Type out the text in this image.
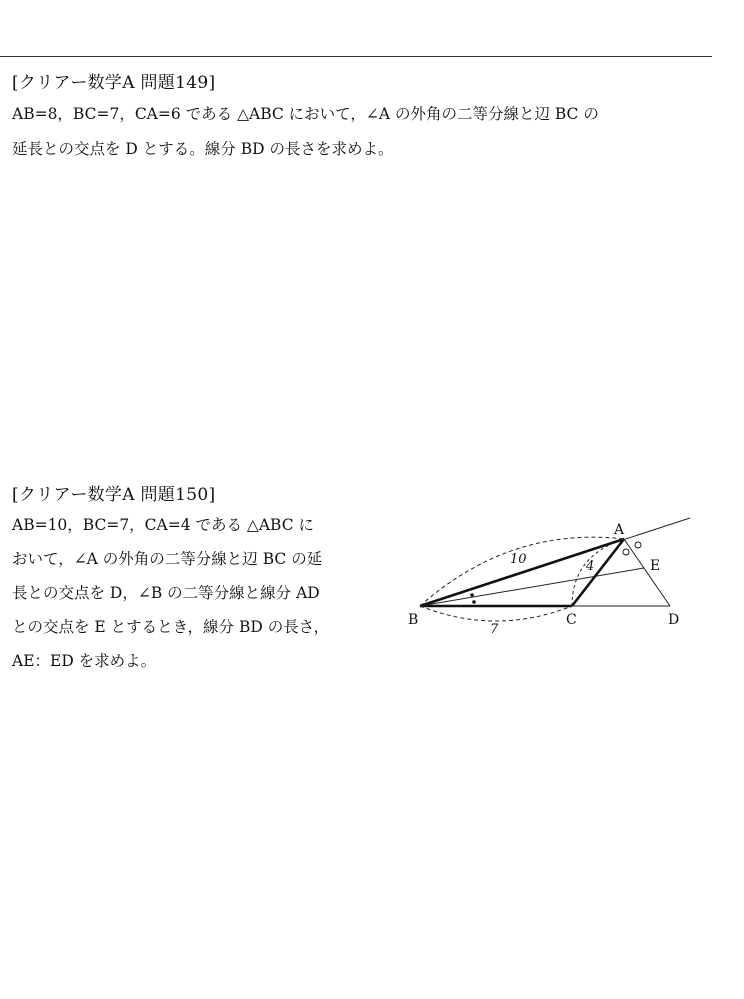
[クリアー数学A 問題149]
AB=8，BC=7，CA=6 である △ABC において，∠A の外角の二等分線と辺 BC の
延長との交点を D とする。線分 BD の長さを求めよ。
[クリアー数学A 問題150]
AB=10，BC=7，CA=4 である △ABC に
おいて，∠A の外角の二等分線と辺 BC の延
長との交点を D，∠B の二等分線と線分 AD
との交点を E とするとき，線分 BD の長さ，
AE：ED を求めよ。
A
B	C	D
E
10	4
7
